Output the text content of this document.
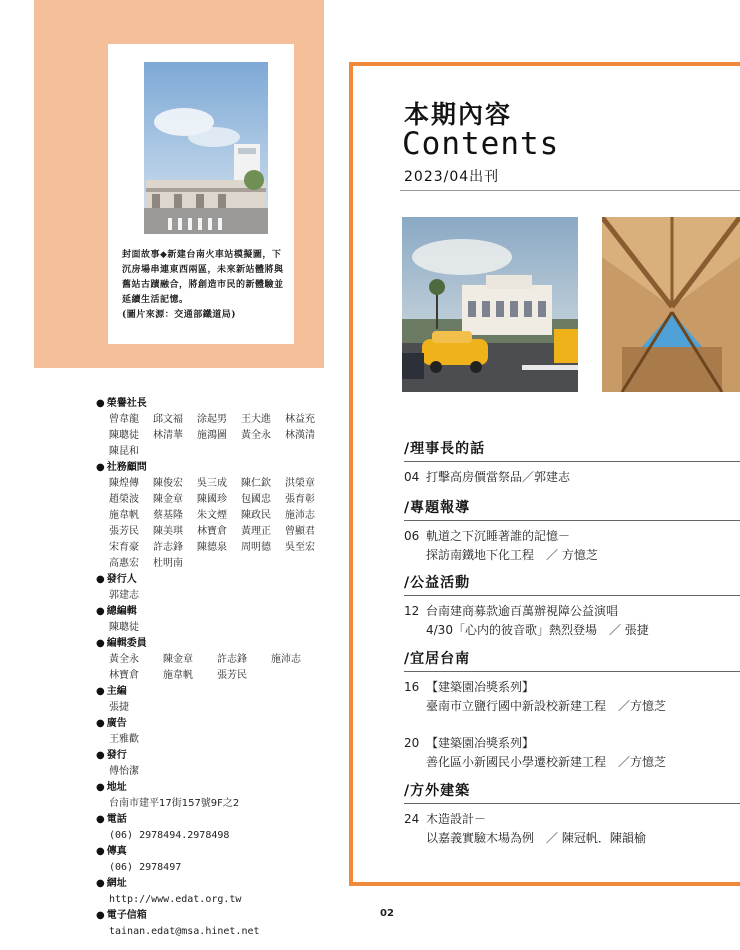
封面故事◆新建台南火車站模擬圖，下沉房場串連東西兩區，未來新站體將與舊站古蹟融合，將創造市民的新體驗並延續生活記憶。
(圖片來源：交通部鐵道局)
● 榮譽社長
曾韋龍	邱文福	涂起男	王大進	林益充
陳聰徒	林清華	施鴻圖	黃全永	林漢清
陳昆和
● 社務顧問
陳煌傳	陳俊宏	吳三成	陳仁欽	洪榮章
趙榮波	陳金章	陳國珍	包國忠	張育彰
施韋帆	蔡基隆	朱文煙	陳政民	施沛志
張芳民	陳美琪	林寶倉	黃理正	曾顯君
宋育豪	許志鋒	陳德泉	周明德	吳至宏
高惠宏	杜明南
● 發行人
郭建志
● 總編輯
陳聰徒
● 編輯委員
黃全永	陳金章	許志鋒	施沛志
林寶倉	施韋帆	張芳民
● 主編
張捷
● 廣告
王雅歡
● 發行
傅怡潔
● 地址
台南市建平17街157號9F之2
● 電話
(06) 2978494.2978498
● 傳真
(06) 2978497
● 網址
http://www.edat.org.tw
● 電子信箱
tainan.edat@msa.hinet.net
本期內容
Contents
2023/04出刊
/理事長的話
04 打擊高房價當祭品／郭建志
/專題報導
06 軌道之下沉睡著誰的記憶－
探訪南鐵地下化工程　／ 方憶芝
/公益活動
12 台南建商募款逾百萬辦視障公益演唱
4/30「心内的彼音歌」熱烈登場　／ 張捷
/宜居台南
16 【建築園冶獎系列】
臺南市立鹽行國中新設校新建工程　／方憶芝
20 【建築園冶獎系列】
善化區小新國民小學遷校新建工程　／方憶芝
/方外建築
24 木造設計－
以嘉義實驗木場為例　／ 陳冠帆．陳韻榆
02
